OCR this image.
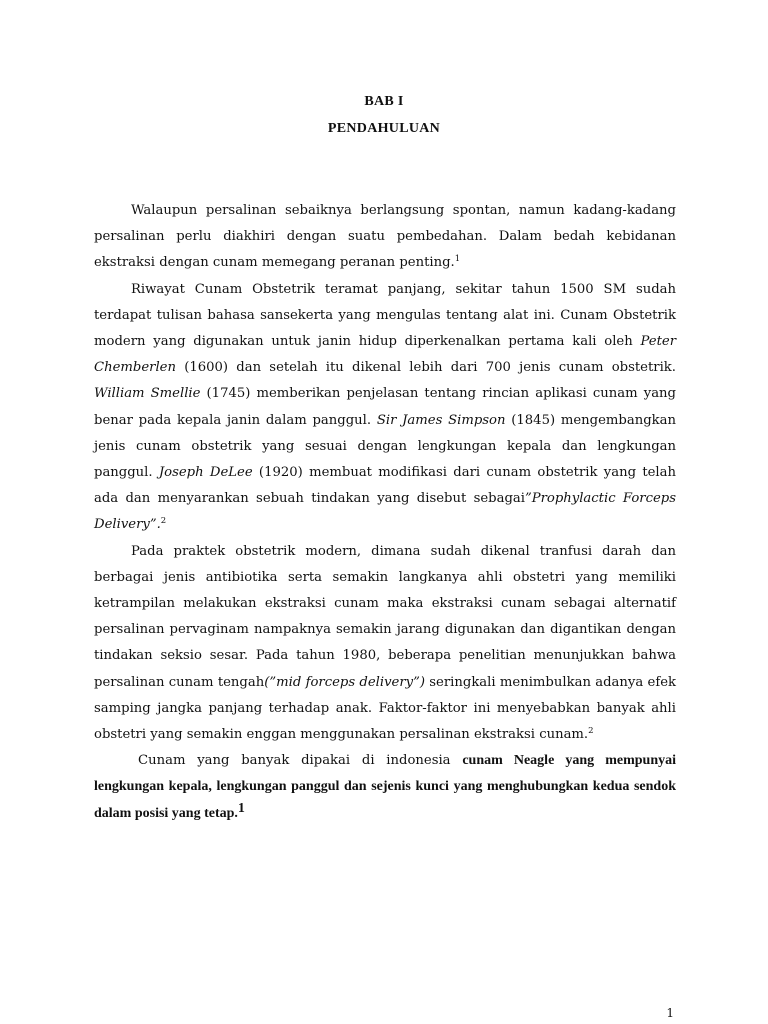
BAB I
PENDAHULUAN

Walaupun persalinan sebaiknya berlangsung spontan, namun kadang-kadang persalinan perlu diakhiri dengan suatu pembedahan. Dalam bedah kebidanan ekstraksi dengan cunam memegang peranan penting.$^1$

Riwayat Cunam Obstetrik teramat panjang, sekitar tahun 1500 SM sudah terdapat tulisan bahasa sansekerta yang mengulas tentang alat ini. Cunam Obstetrik modern yang digunakan untuk janin hidup diperkenalkan pertama kali oleh Peter Chemberlen (1600) dan setelah itu dikenal lebih dari 700 jenis cunam obstetrik. William Smellie (1745) memberikan penjelasan tentang rincian aplikasi cunam yang benar pada kepala janin dalam panggul. Sir James Simpson (1845) mengembangkan jenis cunam obstetrik yang sesuai dengan lengkungan kepala dan lengkungan panggul. Joseph DeLee (1920) membuat modifikasi dari cunam obstetrik yang telah ada dan menyarankan sebuah tindakan yang disebut sebagai”Prophylactic Forceps Delivery”.$^2$

Pada praktek obstetrik modern, dimana sudah dikenal tranfusi darah dan berbagai jenis antibiotika serta semakin langkanya ahli obstetri yang memiliki ketrampilan melakukan ekstraksi cunam maka ekstraksi cunam sebagai alternatif persalinan pervaginam nampaknya semakin jarang digunakan dan digantikan dengan tindakan seksio sesar. Pada tahun 1980, beberapa penelitian menunjukkan bahwa persalinan cunam tengah(”mid forceps delivery”) seringkali menimbulkan adanya efek samping jangka panjang terhadap anak. Faktor-faktor ini menyebabkan banyak ahli obstetri yang semakin enggan menggunakan persalinan ekstraksi cunam.$^2$

Cunam yang banyak dipakai di indonesia cunam Neagle yang mempunyai lengkungan kepala, lengkungan panggul dan sejenis kunci yang menghubungkan kedua sendok dalam posisi yang tetap.$^1$

1
